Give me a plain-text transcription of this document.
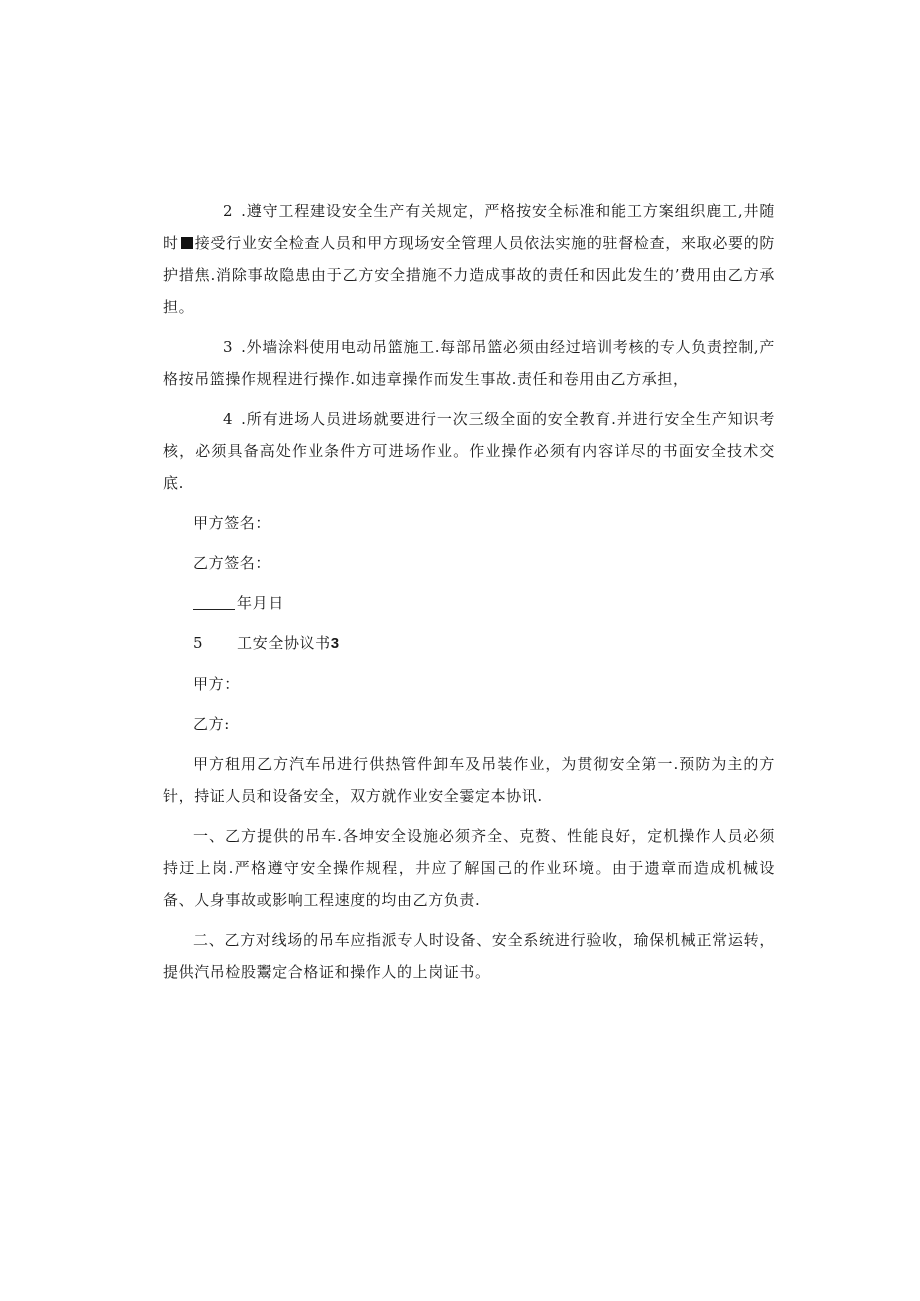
2 .遵守工程建设安全生产有关规定，严格按安全标准和能工方案组织鹿工,井随时 接受行业安全检查人员和甲方现场安全管理人员依法实施的驻督检查，来取必要的防护措焦.消除事故隐患由于乙方安全措施不力造成事故的责任和因此发生的’费用由乙方承担。

3 .外墙涂料使用电动吊篮施工.每部吊篮必须由经过培训考核的专人负责控制,产格按吊篮操作规程进行操作.如违章操作而发生事故.责任和卷用由乙方承担，

4 .所有进场人员进场就要进行一次三级全面的安全教育.并进行安全生产知识考核，必须具备高处作业条件方可进场作业。作业操作必须有内容详尽的书面安全技术交底.

甲方签名：
乙方签名：
年月日
5 工安全协议书3
甲方：
乙方:

甲方租用乙方汽车吊进行供热管件卸车及吊装作业，为贯彻安全第一.预防为主的方针，持证人员和设备安全，双方就作业安全霎定本协讯.

一、乙方提供的吊车.各坤安全设施必须齐全、克赘、性能良好，定机操作人员必须持迂上岗.严格遵守安全操作规程，井应了解国己的作业环境。由于遗章而造成机械设备、人身事故或影响工程速度的均由乙方负责.

二、乙方对线场的吊车应指派专人时设备、安全系统进行验收，瑜保机械正常运转，提供汽吊检股鬻定合格证和操作人的上岗证书。
